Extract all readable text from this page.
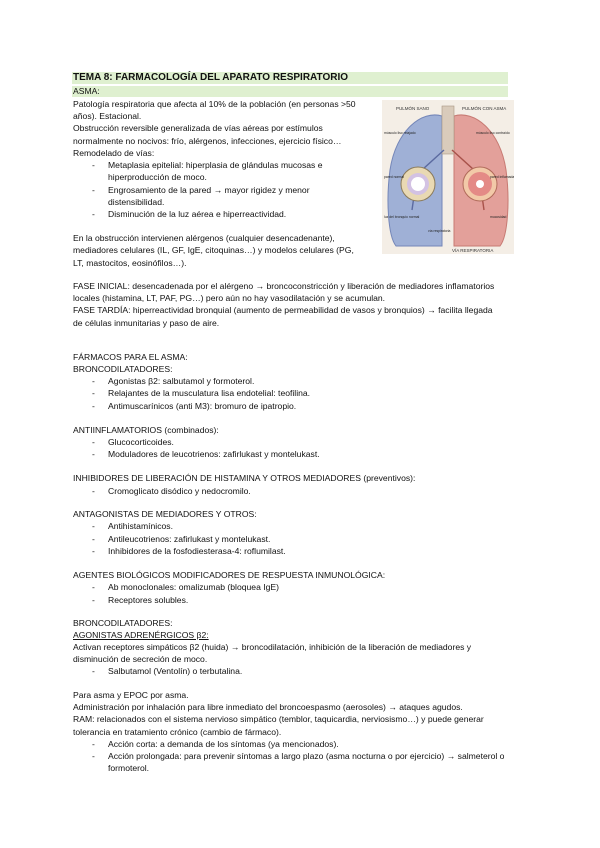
TEMA 8: FARMACOLOGÍA DEL APARATO RESPIRATORIO
ASMA:
Patología respiratoria que afecta al 10% de la población (en personas >50
años). Estacional.
Obstrucción reversible generalizada de vías aéreas por estímulos
normalmente no nocivos: frío, alérgenos, infecciones, ejercicio físico…
Remodelado de vías:
- Metaplasia epitelial: hiperplasia de glándulas mucosas e
hiperproducción de moco.
- Engrosamiento de la pared → mayor rigidez y menor
distensibilidad.
- Disminución de la luz aérea e hiperreactividad.
En la obstrucción intervienen alérgenos (cualquier desencadenante),
mediadores celulares (IL, GF, IgE, citoquinas…) y modelos celulares (PG,
LT, mastocitos, eosinófilos…).
PULMÓN SANO	PULMÓN CON ASMA
VÍA RESPIRATORIA
músculo liso relajado
pared normal
luz del bronquio normal
músculo liso contraído
pared inflamada
mucosidad
vía respiratoria
FASE INICIAL: desencadenada por el alérgeno → broncoconstricción y liberación de mediadores inflamatorios
locales (histamina, LT, PAF, PG…) pero aún no hay vasodilatación y se acumulan.
FASE TARDÍA: hiperreactividad bronquial (aumento de permeabilidad de vasos y bronquios) → facilita llegada
de células inmunitarias y paso de aire.
FÁRMACOS PARA EL ASMA:
BRONCODILATADORES:
- Agonistas β2: salbutamol y formoterol.
- Relajantes de la musculatura lisa endotelial: teofilina.
- Antimuscarínicos (anti M3): bromuro de ipatropio.
ANTIINFLAMATORIOS (combinados):
- Glucocorticoides.
- Moduladores de leucotrienos: zafirlukast y montelukast.
INHIBIDORES DE LIBERACIÓN DE HISTAMINA Y OTROS MEDIADORES (preventivos):
- Cromoglicato disódico y nedocromilo.
ANTAGONISTAS DE MEDIADORES Y OTROS:
- Antihistamínicos.
- Antileucotrienos: zafirlukast y montelukast.
- Inhibidores de la fosfodiesterasa-4: roflumilast.
AGENTES BIOLÓGICOS MODIFICADORES DE RESPUESTA INMUNOLÓGICA:
- Ab monoclonales: omalizumab (bloquea IgE)
- Receptores solubles.
BRONCODILATADORES:
AGONISTAS ADRENÉRGICOS β2:
Activan receptores simpáticos β2 (huida) → broncodilatación, inhibición de la liberación de mediadores y
disminución de secreción de moco.
- Salbutamol (Ventolín) o terbutalina.
Para asma y EPOC por asma.
Administración por inhalación para libre inmediato del broncoespasmo (aerosoles) → ataques agudos.
RAM: relacionados con el sistema nervioso simpático (temblor, taquicardia, nerviosismo…) y puede generar
tolerancia en tratamiento crónico (cambio de fármaco).
- Acción corta: a demanda de los síntomas (ya mencionados).
- Acción prolongada: para prevenir síntomas a largo plazo (asma nocturna o por ejercicio) → salmeterol o
formoterol.
